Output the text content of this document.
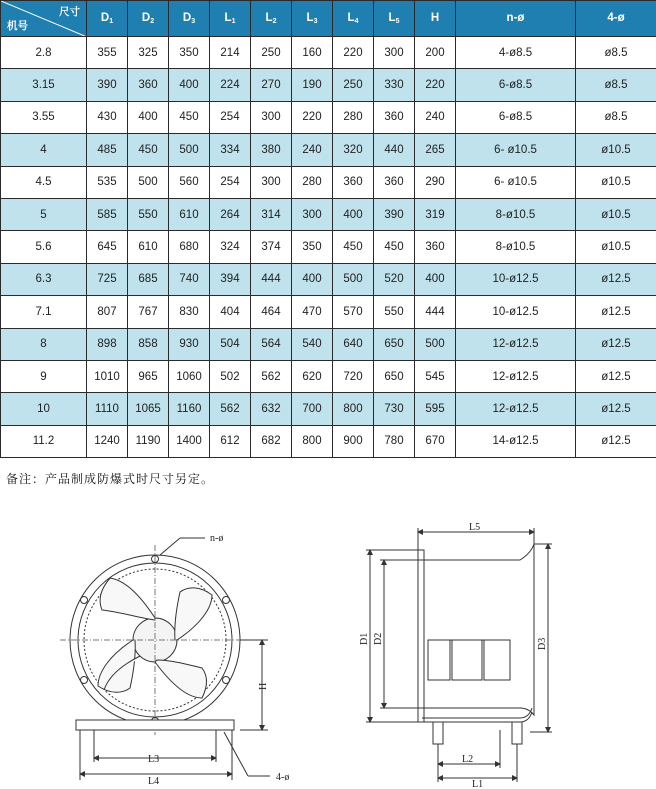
尺寸
机号	$D_1$	$D_2$	$D_3$	$L_1$	$L_2$	$L_3$	$L_4$	$L_5$	H	n-ø	4-ø
2.8	355	325	350	214	250	160	220	300	200	4-ø8.5	ø8.5
3.15	390	360	400	224	270	190	250	330	220	6-ø8.5	ø8.5
3.55	430	400	450	254	300	220	280	360	240	6-ø8.5	ø8.5
4	485	450	500	334	380	240	320	440	265	6- ø10.5	ø10.5
4.5	535	500	560	254	300	280	360	360	290	6- ø10.5	ø10.5
5	585	550	610	264	314	300	400	390	319	8-ø10.5	ø10.5
5.6	645	610	680	324	374	350	450	450	360	8-ø10.5	ø10.5
6.3	725	685	740	394	444	400	500	520	400	10-ø12.5	ø12.5
7.1	807	767	830	404	464	470	570	550	444	10-ø12.5	ø12.5
8	898	858	930	504	564	540	640	650	500	12-ø12.5	ø12.5
9	1010	965	1060	502	562	620	720	650	545	12-ø12.5	ø12.5
10	1110	1065	1160	562	632	700	800	730	595	12-ø12.5	ø12.5
11.2	1240	1190	1400	612	682	800	900	780	670	14-ø12.5	ø12.5
备注：产品制成防爆式时尺寸另定。
n-ø
H
L3
L4	4-ø
L5
D1 D2	D3
L2
L1
